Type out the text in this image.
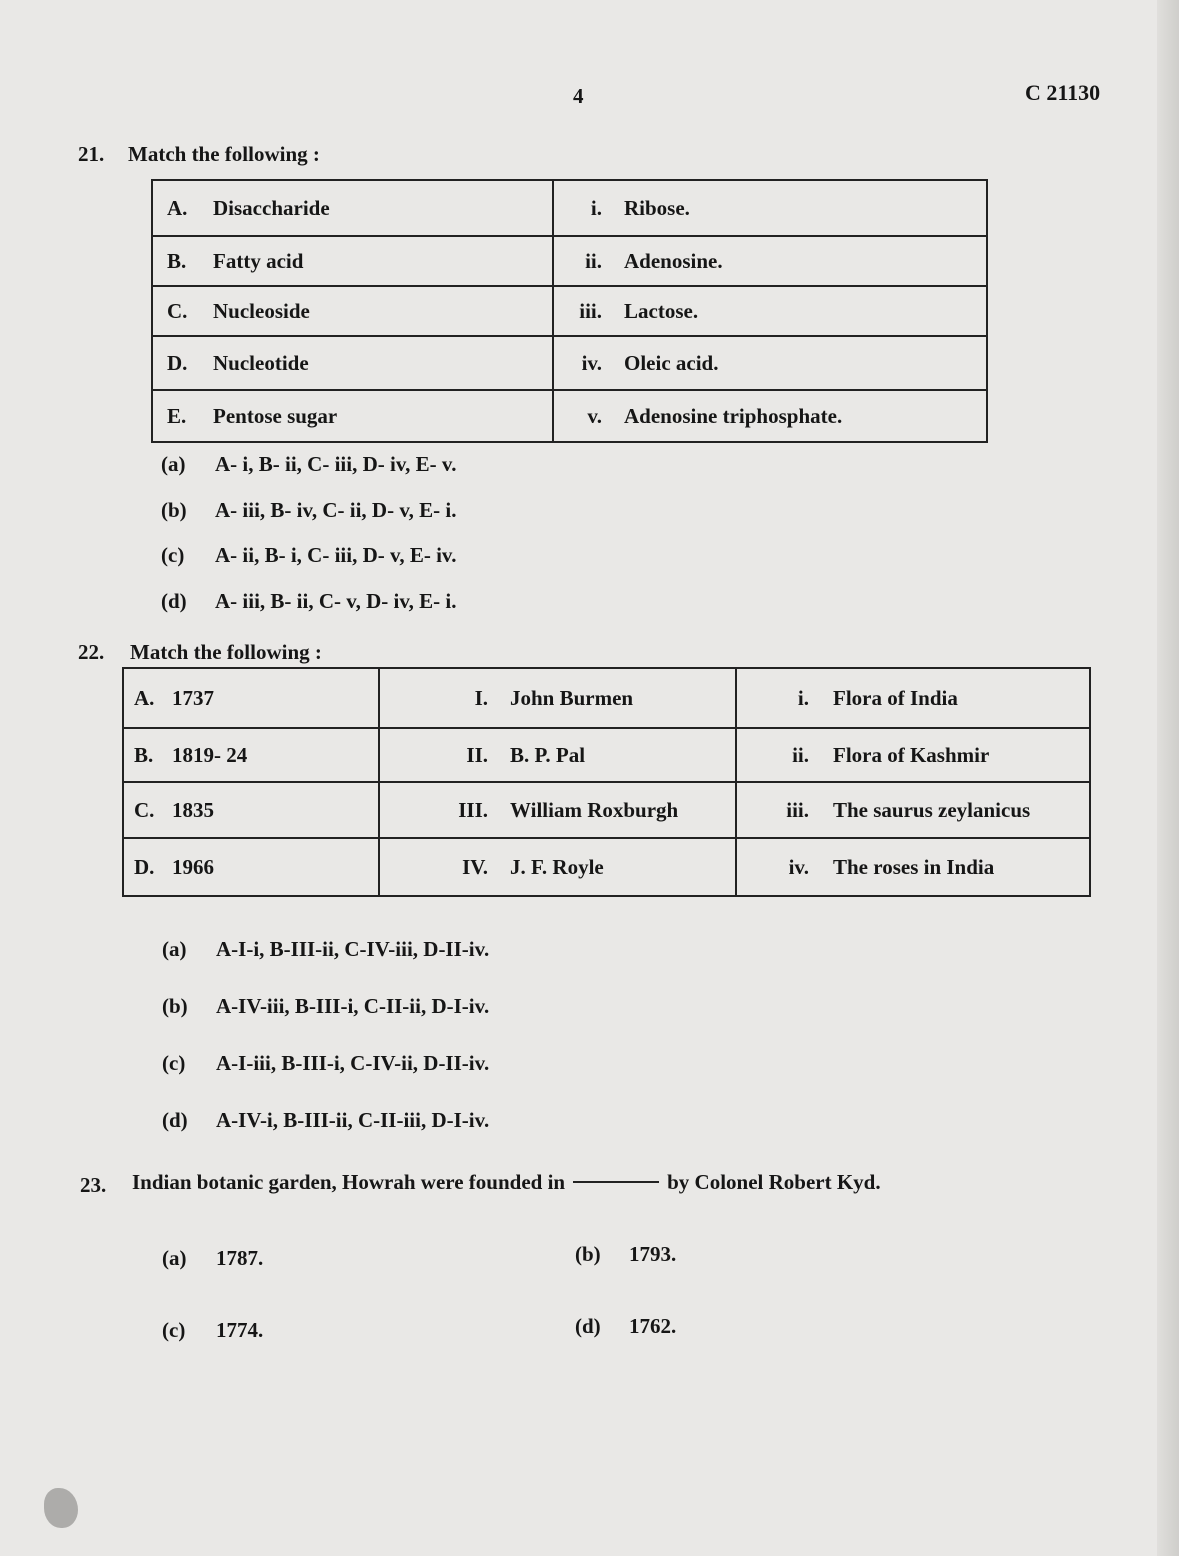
4	C 21130
21. Match the following :
A. Disaccharide	i. Ribose.

B. Fatty acid	ii. Adenosine.

C. Nucleoside	iii. Lactose.

D. Nucleotide	iv. Oleic acid.

E. Pentose sugar	v. Adenosine triphosphate.
(a)	A- i, B- ii, C- iii, D- iv, E- v.
(b)	A- iii, B- iv, C- ii, D- v, E- i.
(c)	A- ii, B- i, C- iii, D- v, E- iv.
(d)	A- iii, B- ii, C- v, D- iv, E- i.
22. Match the following :
A. 1737	I. John Burmen	i. Flora of India

B. 1819- 24	II. B. P. Pal	ii. Flora of Kashmir

C. 1835	III. William Roxburgh	iii. The saurus zeylanicus

D. 1966	IV. J. F. Royle	iv. The roses in India
(a)	A-I-i, B-III-ii, C-IV-iii, D-II-iv.
(b)	A-IV-iii, B-III-i, C-II-ii, D-I-iv.
(c)	A-I-iii, B-III-i, C-IV-ii, D-II-iv.
(d)	A-IV-i, B-III-ii, C-II-iii, D-I-iv.
23. Indian botanic garden, Howrah were founded in	by Colonel Robert Kyd.
(a)	1787.	(b)	1793.
(c)	1774.	(d)	1762.
